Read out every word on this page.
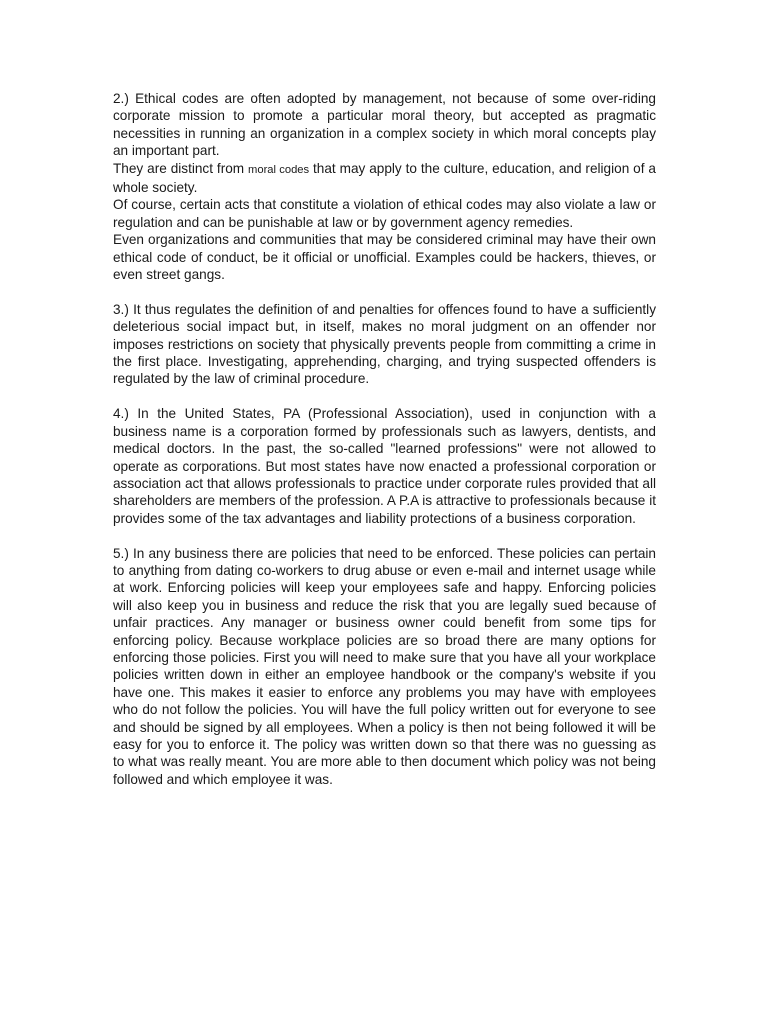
2.) Ethical codes are often adopted by management, not because of some over-riding corporate mission to promote a particular moral theory, but accepted as pragmatic necessities in running an organization in a complex society in which moral concepts play an important part.

They are distinct from moral codes that may apply to the culture, education, and religion of a whole society.

Of course, certain acts that constitute a violation of ethical codes may also violate a law or regulation and can be punishable at law or by government agency remedies.

Even organizations and communities that may be considered criminal may have their own ethical code of conduct, be it official or unofficial. Examples could be hackers, thieves, or even street gangs.

3.) It thus regulates the definition of and penalties for offences found to have a sufficiently deleterious social impact but, in itself, makes no moral judgment on an offender nor imposes restrictions on society that physically prevents people from committing a crime in the first place. Investigating, apprehending, charging, and trying suspected offenders is regulated by the law of criminal procedure.

4.) In the United States, PA (Professional Association), used in conjunction with a business name is a corporation formed by professionals such as lawyers, dentists, and medical doctors. In the past, the so-called "learned professions" were not allowed to operate as corporations. But most states have now enacted a professional corporation or association act that allows professionals to practice under corporate rules provided that all shareholders are members of the profession. A P.A is attractive to professionals because it provides some of the tax advantages and liability protections of a business corporation.

5.) In any business there are policies that need to be enforced. These policies can pertain to anything from dating co-workers to drug abuse or even e-mail and internet usage while at work. Enforcing policies will keep your employees safe and happy. Enforcing policies will also keep you in business and reduce the risk that you are legally sued because of unfair practices. Any manager or business owner could benefit from some tips for enforcing policy. Because workplace policies are so broad there are many options for enforcing those policies. First you will need to make sure that you have all your workplace policies written down in either an employee handbook or the company's website if you have one. This makes it easier to enforce any problems you may have with employees who do not follow the policies. You will have the full policy written out for everyone to see and should be signed by all employees. When a policy is then not being followed it will be easy for you to enforce it. The policy was written down so that there was no guessing as to what was really meant. You are more able to then document which policy was not being followed and which employee it was.
